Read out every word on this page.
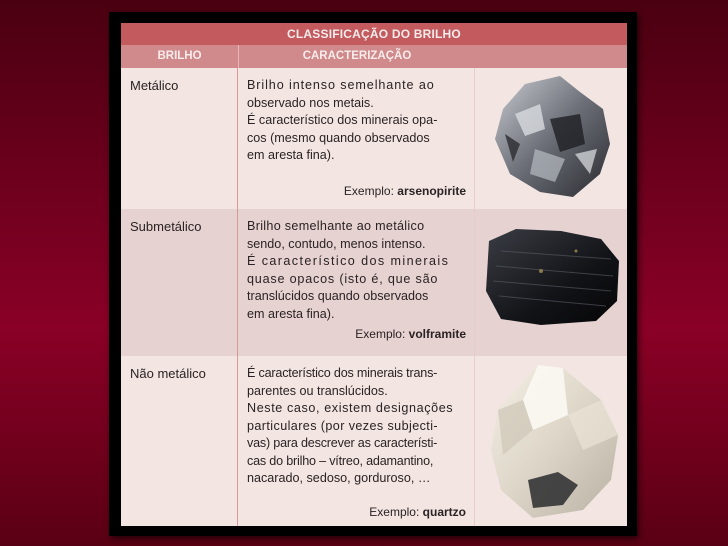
CLASSIFICAÇÃO DO BRILHO
BRILHO	CARACTERIZAÇÃO
Metálico	Brilho intenso semelhante ao

observado nos metais.

É característico dos minerais opa-

cos (mesmo quando observados

em aresta fina).

Exemplo: arsenopirite
Submetálico	Brilho semelhante ao metálico

sendo, contudo, menos intenso.

É característico dos minerais

quase opacos (isto é, que são

translúcidos quando observados

em aresta fina).

Exemplo: volframite
Não metálico	É característico dos minerais trans-

parentes ou translúcidos.

Neste caso, existem designações

particulares (por vezes subjecti-

vas) para descrever as característi-

cas do brilho – vítreo, adamantino,

nacarado, sedoso, gorduroso, …

Exemplo: quartzo
